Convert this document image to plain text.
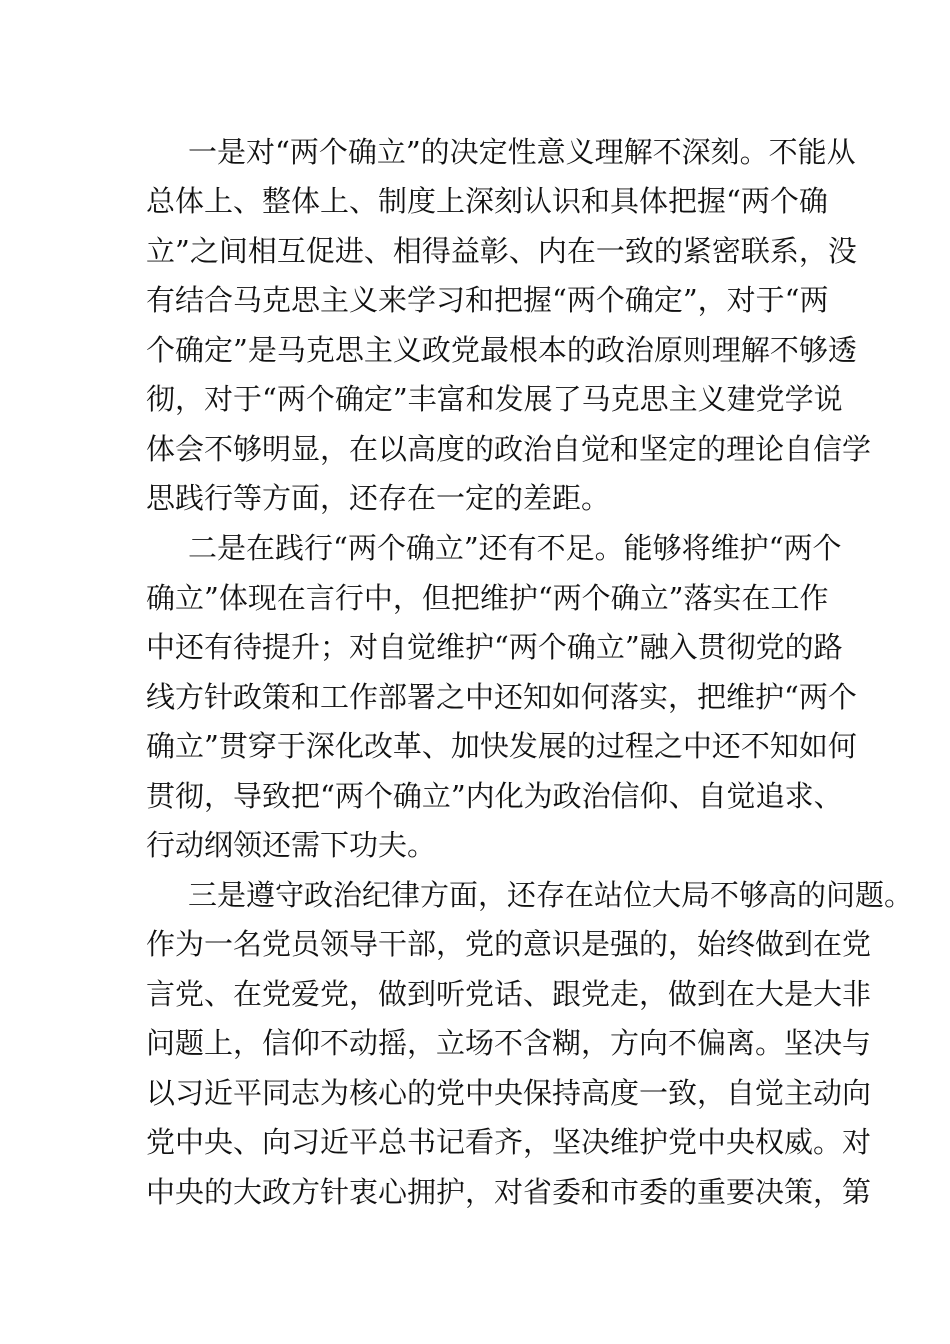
一是对“两个确立”的决定性意义理解不深刻。不能从
总体上、整体上、制度上深刻认识和具体把握“两个确
立”之间相互促进、相得益彰、内在一致的紧密联系，没
有结合马克思主义来学习和把握“两个确定”，对于“两
个确定”是马克思主义政党最根本的政治原则理解不够透
彻，对于“两个确定”丰富和发展了马克思主义建党学说
体会不够明显，在以高度的政治自觉和坚定的理论自信学
思践行等方面，还存在一定的差距。
二是在践行“两个确立”还有不足。能够将维护“两个
确立”体现在言行中，但把维护“两个确立”落实在工作
中还有待提升；对自觉维护“两个确立”融入贯彻党的路
线方针政策和工作部署之中还知如何落实，把维护“两个
确立”贯穿于深化改革、加快发展的过程之中还不知如何
贯彻，导致把“两个确立”内化为政治信仰、自觉追求、
行动纲领还需下功夫。
三是遵守政治纪律方面，还存在站位大局不够高的问题。
作为一名党员领导干部，党的意识是强的，始终做到在党
言党、在党爱党，做到听党话、跟党走，做到在大是大非
问题上，信仰不动摇，立场不含糊，方向不偏离。坚决与
以习近平同志为核心的党中央保持高度一致，自觉主动向
党中央、向习近平总书记看齐，坚决维护党中央权威。对
中央的大政方针衷心拥护，对省委和市委的重要决策，第
